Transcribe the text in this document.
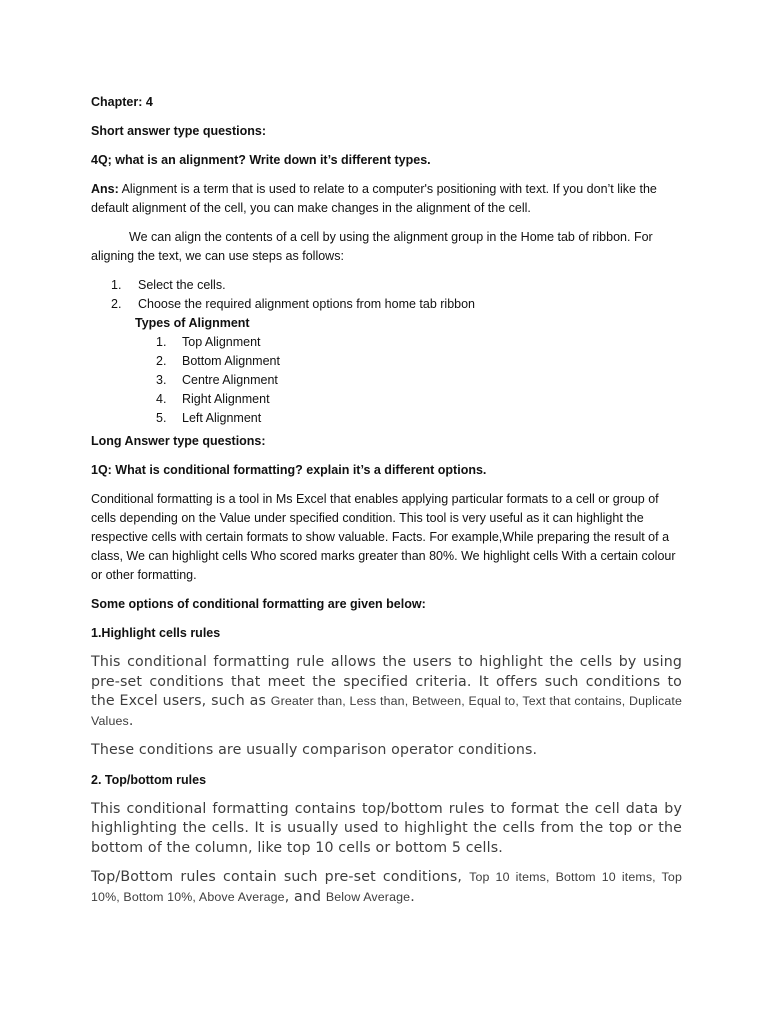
Chapter: 4

Short answer type questions:

4Q; what is an alignment? Write down it’s different types.

Ans: Alignment is a term that is used to relate to a computer's positioning with text. If you don’t like the default alignment of the cell, you can make changes in the alignment of the cell.

We can align the contents of a cell by using the alignment group in the Home tab of ribbon. For aligning the text, we can use steps as follows:

1.	Select the cells.
2.	Choose the required alignment options from home tab ribbon
Types of Alignment
1.	Top Alignment
2.	Bottom Alignment
3.	Centre Alignment
4.	Right Alignment
5.	Left Alignment

Long Answer type questions:

1Q: What is conditional formatting? explain it’s a different options.

Conditional formatting is a tool in Ms Excel that enables applying particular formats to a cell or group of cells depending on the Value under specified condition. This tool is very useful as it can highlight the respective cells with certain formats to show valuable. Facts. For example,While preparing the result of a class, We can highlight cells Who scored marks greater than 80%. We highlight cells With a certain colour or other formatting.

Some options of conditional formatting are given below:

1.Highlight cells rules

This conditional formatting rule allows the users to highlight the cells by using pre-set conditions that meet the specified criteria. It offers such conditions to the Excel users, such as Greater than, Less than, Between, Equal to, Text that contains, Duplicate Values.

These conditions are usually comparison operator conditions.

2. Top/bottom rules

This conditional formatting contains top/bottom rules to format the cell data by highlighting the cells. It is usually used to highlight the cells from the top or the bottom of the column, like top 10 cells or bottom 5 cells.

Top/Bottom rules contain such pre-set conditions, Top 10 items, Bottom 10 items, Top 10%, Bottom 10%, Above Average, and Below Average.
